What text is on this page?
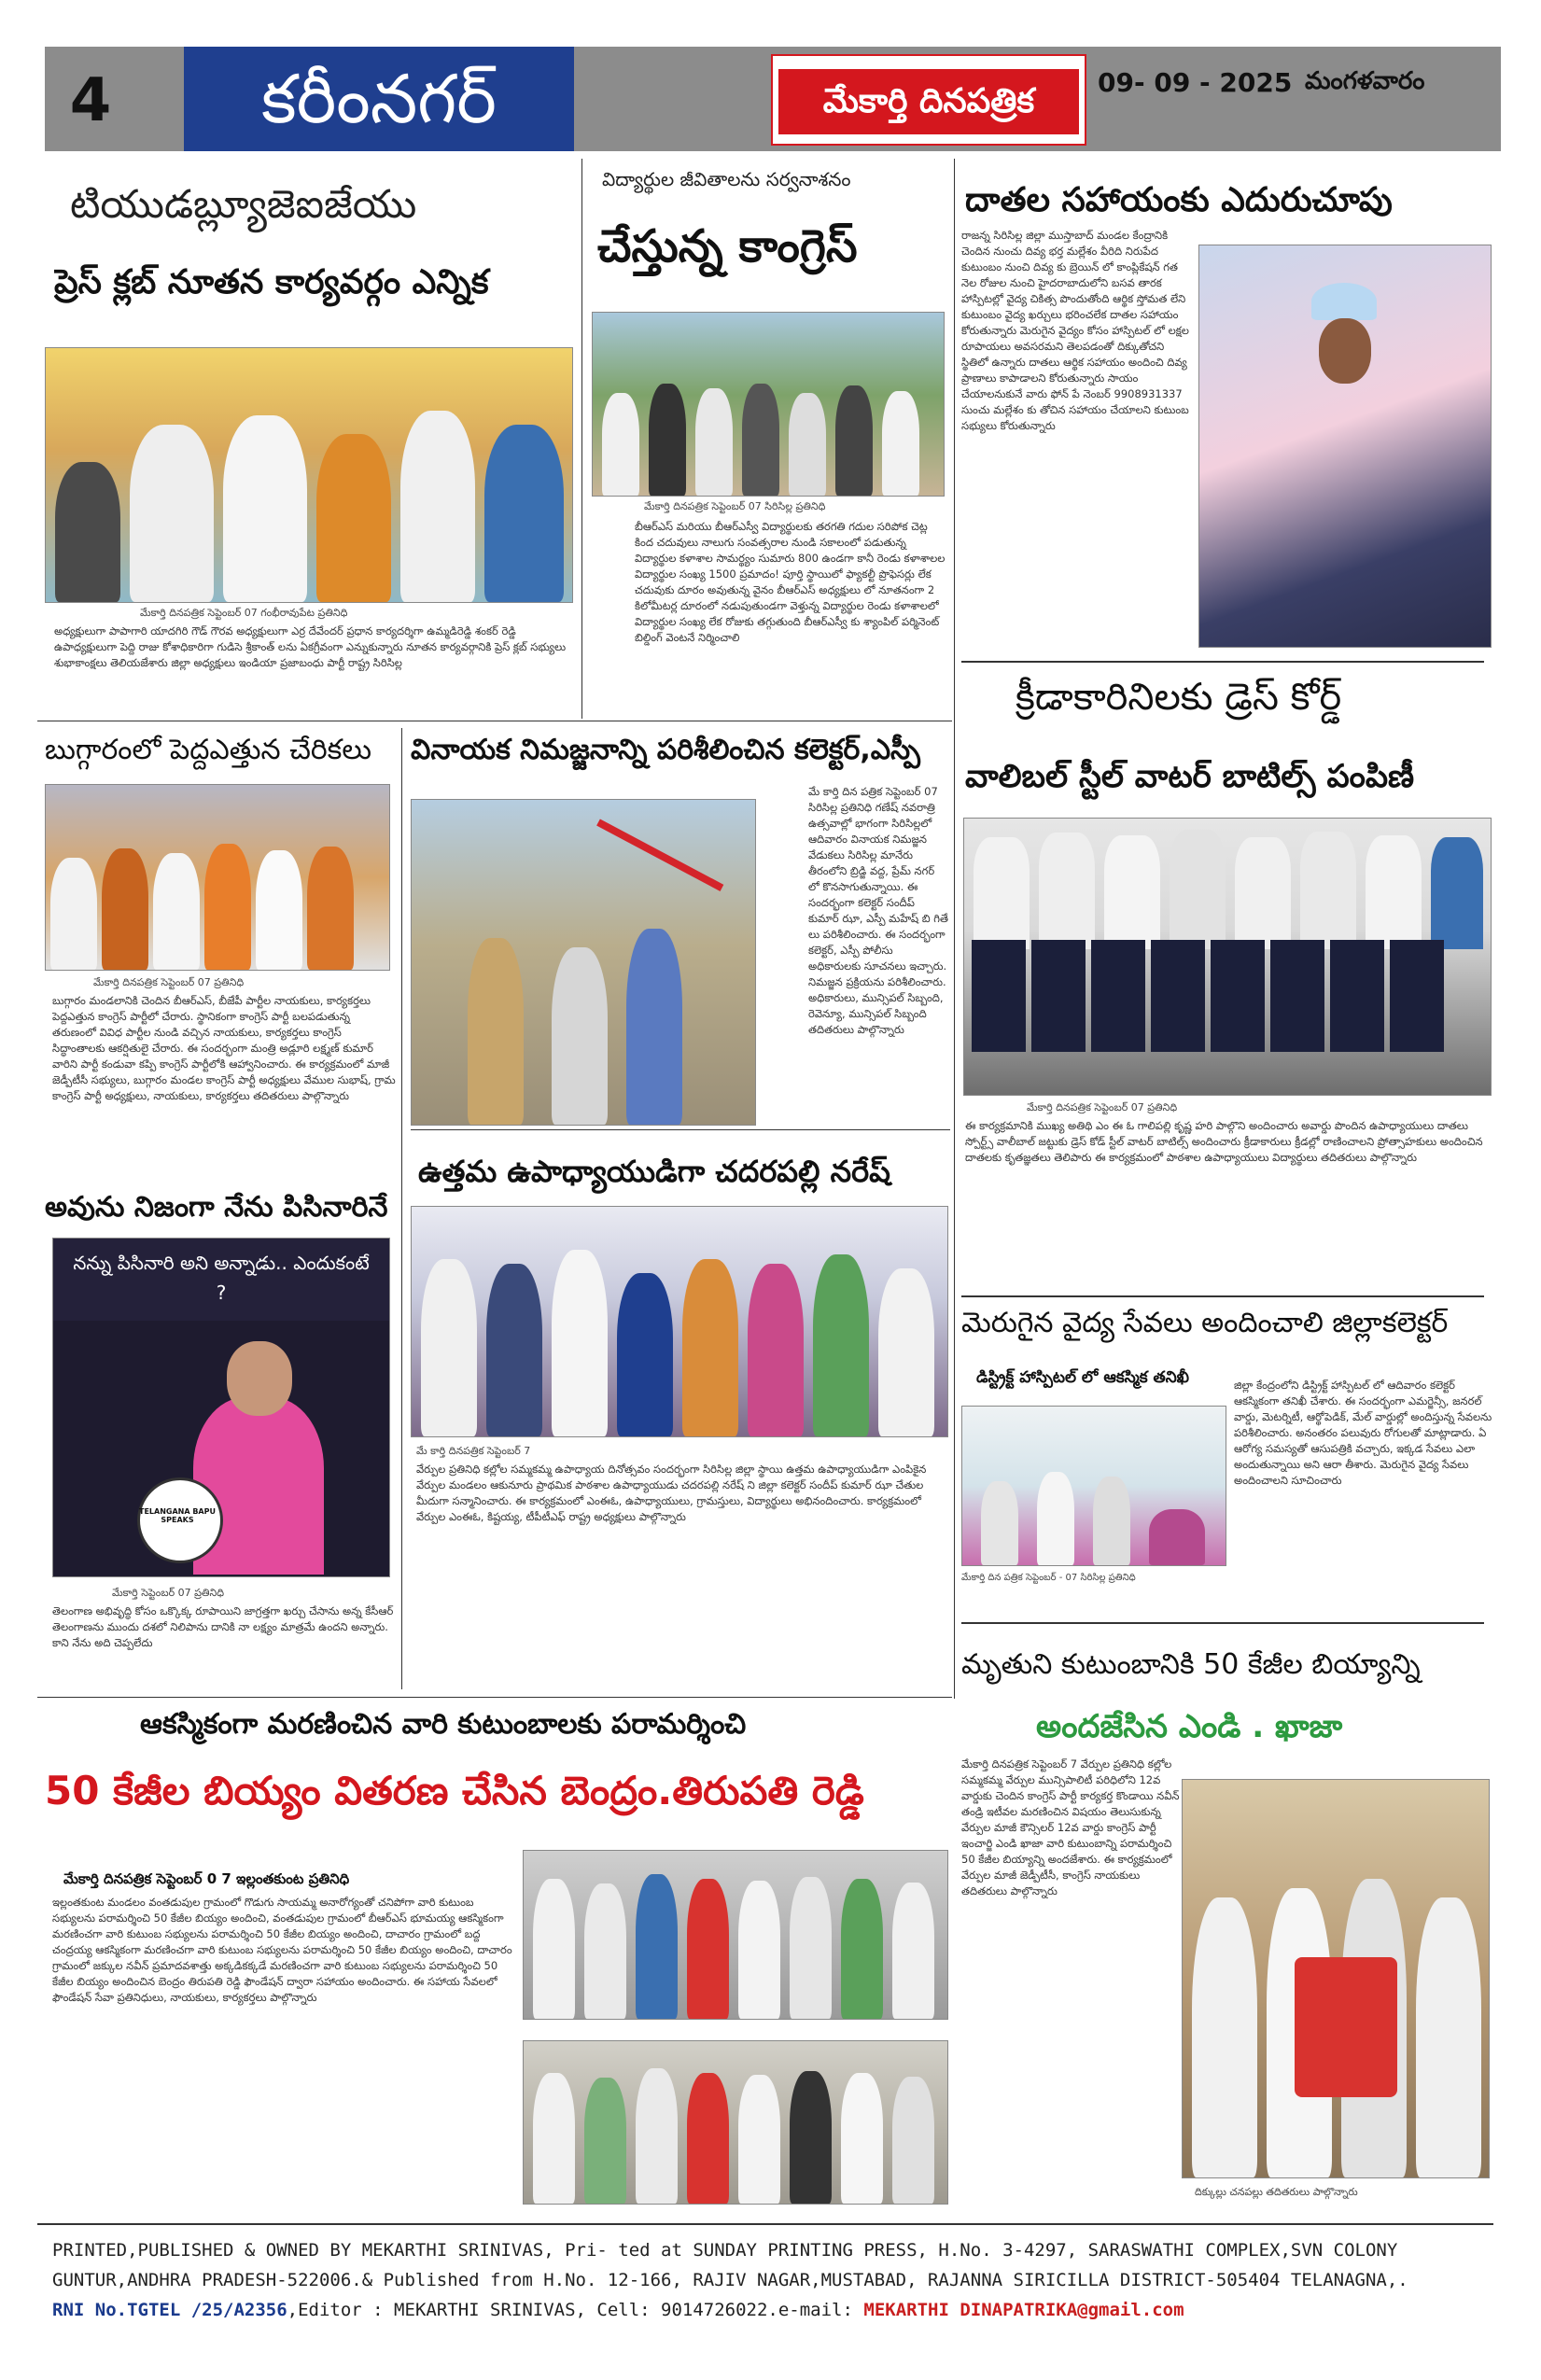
4	కరీంనగర్	మేకార్తి దినపత్రిక	09- 09 - 2025 మంగళవారం
టియుడబ్ల్యూజెఐజేయు
ప్రెస్ క్లబ్ నూతన కార్యవర్గం ఎన్నిక
మేకార్తి దినపత్రిక సెప్టెంబర్ 07 గంభీరావుపేట ప్రతినిధి
అధ్యక్షులుగా పాపాగారి యాదగిరి గౌడ్ గౌరవ అధ్యక్షులుగా ఎర్ర దేవేందర్ ప్రధాన కార్యదర్శిగా ఉమ్మడిరెడ్డి శంకర్ రెడ్డి ఉపాధ్యక్షులుగా పెద్ది రాజు కోశాధికారిగా గుడిసె శ్రీకాంత్ లను ఏకగ్రీవంగా ఎన్నుకున్నారు నూతన కార్యవర్గానికి ప్రెస్ క్లబ్ సభ్యులు శుభాకాంక్షలు తెలియజేశారు జిల్లా అధ్యక్షులు ఇండియా ప్రజాబంధు పార్టీ రాష్ట్ర సిరిసిల్ల
విద్యార్థుల జీవితాలను సర్వనాశనం
చేస్తున్న కాంగ్రెస్
మేకార్తి దినపత్రిక సెప్టెంబర్ 07 సిరిసిల్ల ప్రతినిధి
బీఆర్ఎస్ మరియు బీఆర్ఎస్వీ విద్యార్థులకు తరగతి గదుల సరిపోక చెట్ల కింద చదువులు నాలుగు సంవత్సరాల నుండి సకాలంలో పడుతున్న విద్యార్థుల కళాశాల సామర్థ్యం సుమారు 800 ఉండగా కానీ రెండు కళాశాలల విద్యార్థుల సంఖ్య 1500 ప్రమాదం! పూర్తి స్థాయిలో ఫ్యాకల్టీ ప్రొఫెసర్లు లేక చదువుకు దూరం అవుతున్న వైనం బీఆర్ఎస్ అధ్యక్షులు లో నూతనంగా 2 కిలోమీటర్ల దూరంలో నడుపుతుండగా వెళ్తున్న విద్యార్థుల రెండు కళాశాలలో విద్యార్థుల సంఖ్య లేక రోజుకు తగ్గుతుంది బీఆర్ఎస్వీ కు శ్యాంపిల్ పర్మినెంట్ బిల్డింగ్ వెంటనే నిర్మించాలి
దాతల సహాయంకు ఎదురుచూపు
రాజన్న సిరిసిల్ల జిల్లా ముస్తాబాద్ మండల కేంద్రానికి చెందిన నుంచు దివ్య భర్త మల్లేశం వీరిది నిరుపేద కుటుంబం నుంచి దివ్య కు బ్రెయిన్ లో కాంప్లికేషన్ గత నెల రోజుల నుంచి హైదరాబాదులోని బసవ తారక హాస్పిటల్లో వైద్య చికిత్స పొందుతోంది ఆర్థిక స్తోమత లేని కుటుంబం వైద్య ఖర్చులు భరించలేక దాతల సహాయం కోరుతున్నారు మెరుగైన వైద్యం కోసం హాస్పిటల్ లో లక్షల రూపాయలు అవసరమని తెలపడంతో దిక్కుతోచని స్థితిలో ఉన్నారు దాతలు ఆర్థిక సహాయం అందించి దివ్య ప్రాణాలు కాపాడాలని కోరుతున్నారు సాయం చేయాలనుకునే వారు ఫోన్ పే నెంబర్ 9908931337 సుంచు మల్లేశం కు తోచిన సహాయం చేయాలని కుటుంబ సభ్యులు కోరుతున్నారు
క్రీడాకారినిలకు డ్రెస్ కోర్డ్
వాలిబల్ స్టీల్ వాటర్ బాటిల్స్ పంపిణీ
మేకార్తి దినపత్రిక సెప్టెంబర్ 07 ప్రతినిధి
ఈ కార్యక్రమానికి ముఖ్య అతిథి ఎం ఈ ఓ గాలిపల్లి కృష్ణ హరి పాల్గొని అందించారు అవార్డు పొందిన ఉపాధ్యాయులు దాతలు స్పోర్ట్స్ వాలీబాల్ జట్టుకు డ్రెస్ కోడ్ స్టీల్ వాటర్ బాటిల్స్ అందించారు క్రీడాకారులు క్రీడల్లో రాణించాలని ప్రోత్సాహకులు అందించిన దాతలకు కృతజ్ఞతలు తెలిపారు ఈ కార్యక్రమంలో పాఠశాల ఉపాధ్యాయులు విద్యార్థులు తదితరులు పాల్గొన్నారు
బుగ్గారంలో పెద్దఎత్తున చేరికలు
మేకార్తి దినపత్రిక సెప్టెంబర్ 07 ప్రతినిధి
బుగ్గారం మండలానికి చెందిన బీఆర్ఎస్, బీజేపీ పార్టీల నాయకులు, కార్యకర్తలు పెద్దఎత్తున కాంగ్రెస్ పార్టీలో చేరారు. స్థానికంగా కాంగ్రెస్ పార్టీ బలపడుతున్న తరుణంలో వివిధ పార్టీల నుండి వచ్చిన నాయకులు, కార్యకర్తలు కాంగ్రెస్ సిద్ధాంతాలకు ఆకర్షితులై చేరారు. ఈ సందర్భంగా మంత్రి అడ్లూరి లక్ష్మణ్ కుమార్ వారిని పార్టీ కండువా కప్పి కాంగ్రెస్ పార్టీలోకి ఆహ్వానించారు. ఈ కార్యక్రమంలో మాజీ జెడ్పీటీసీ సభ్యులు, బుగ్గారం మండల కాంగ్రెస్ పార్టీ అధ్యక్షులు వేముల సుభాష్, గ్రామ కాంగ్రెస్ పార్టీ అధ్యక్షులు, నాయకులు, కార్యకర్తలు తదితరులు పాల్గొన్నారు
వినాయక నిమజ్జనాన్ని పరిశీలించిన కలెక్టర్,ఎస్పీ
మే కార్తి దిన పత్రిక సెప్టెంబర్ 07 సిరిసిల్ల ప్రతినిధి గణేష్ నవరాత్రి ఉత్సవాల్లో భాగంగా సిరిసిల్లలో ఆదివారం వినాయక నిమజ్జన వేడుకలు సిరిసిల్ల మానేరు తీరంలోని బ్రిడ్జి వద్ద, ప్రేమ్ నగర్ లో కొనసాగుతున్నాయి. ఈ సందర్భంగా కలెక్టర్ సందీప్ కుమార్ ఝా, ఎస్పీ మహేష్ బి గితే లు పరిశీలించారు. ఈ సందర్భంగా కలెక్టర్, ఎస్పీ పోలీసు అధికారులకు సూచనలు ఇచ్చారు. నిమజ్జన ప్రక్రియను పరిశీలించారు. అధికారులు, మున్సిపల్ సిబ్బంది, రెవెన్యూ, మున్సిపల్ సిబ్బంది తదితరులు పాల్గొన్నారు
ఉత్తమ ఉపాధ్యాయుడిగా చదరపల్లి నరేష్
మే కార్తి దినపత్రిక సెప్టెంబర్ 7
వేర్పుల ప్రతినిధి కల్లోల సమ్మకమ్మ ఉపాధ్యాయ దినోత్సవం సందర్భంగా సిరిసిల్ల జిల్లా స్థాయి ఉత్తమ ఉపాధ్యాయుడిగా ఎంపికైన వేర్పుల మండలం ఆకునూరు ప్రాథమిక పాఠశాల ఉపాధ్యాయుడు చదరపల్లి నరేష్ ని జిల్లా కలెక్టర్ సందీప్ కుమార్ ఝా చేతుల మీదుగా సన్మానించారు. ఈ కార్యక్రమంలో ఎంఈఓ, ఉపాధ్యాయులు, గ్రామస్తులు, విద్యార్థులు అభినందించారు. కార్యక్రమంలో వేర్పుల ఎంఈఓ, కిష్టయ్య, టీపీటీఎఫ్ రాష్ట్ర అధ్యక్షులు పాల్గొన్నారు
అవును నిజంగా నేను పిసినారినే
నన్ను పిసినారి అని అన్నాడు.. ఎందుకంటే ?
TELANGANA BAPU SPEAKS
మేకార్తి సెప్టెంబర్ 07 ప్రతినిధి
తెలంగాణ అభివృద్ధి కోసం ఒక్కొక్క రూపాయిని జాగ్రత్తగా ఖర్చు చేసాను అన్న కేసీఆర్ తెలంగాణను ముందు దశలో నిలిపాను దానికి నా లక్ష్యం మాత్రమే ఉందని అన్నారు. కాని నేను అది చెప్పలేదు
మెరుగైన వైద్య సేవలు అందించాలి జిల్లాకలెక్టర్
డిస్ట్రిక్ట్ హాస్పిటల్ లో ఆకస్మిక తనిఖీ
మేకార్తి దిన పత్రిక సెప్టెంబర్ - 07 సిరిసిల్ల ప్రతినిధి
జిల్లా కేంద్రంలోని డిస్ట్రిక్ట్ హాస్పిటల్ లో ఆదివారం కలెక్టర్ ఆకస్మికంగా తనిఖీ చేశారు. ఈ సందర్భంగా ఎమర్జెన్సీ, జనరల్ వార్డు, మెటర్నిటీ, ఆర్థోపెడిక్, మేల్ వార్డుల్లో అందిస్తున్న సేవలను పరిశీలించారు. అనంతరం పలువురు రోగులతో మాట్లాడారు. ఏ ఆరోగ్య సమస్యతో ఆసుపత్రికి వచ్చారు, ఇక్కడ సేవలు ఎలా అందుతున్నాయి అని ఆరా తీశారు. మెరుగైన వైద్య సేవలు అందించాలని సూచించారు
మృతుని కుటుంబానికి 50 కేజీల బియ్యాన్ని
అందజేసిన ఎండి . ఖాజా
మేకార్తి దినపత్రిక సెప్టెంబర్ 7 వేర్పుల ప్రతినిధి కల్లోల సమ్మకమ్మ వేర్పుల మున్సిపాలిటీ పరిధిలోని 12వ వార్డుకు చెందిన కాంగ్రెస్ పార్టీ కార్యకర్త కొండాయి నవీన్ తండ్రి ఇటీవల మరణించిన విషయం తెలుసుకున్న వేర్పుల మాజీ కౌన్సిలర్ 12వ వార్డు కాంగ్రెస్ పార్టీ ఇంచార్జి ఎండి ఖాజా వారి కుటుంబాన్ని పరామర్శించి 50 కేజీల బియ్యాన్ని అందజేశారు. ఈ కార్యక్రమంలో వేర్పుల మాజీ జెడ్పీటీసీ, కాంగ్రెస్ నాయకులు తదితరులు పాల్గొన్నారు
దిక్కుల్లు చనపల్లు తదితరులు పాల్గొన్నారు
ఆకస్మికంగా మరణించిన వారి కుటుంబాలకు పరామర్శించి
50 కేజీల బియ్యం వితరణ చేసిన బెంద్రం.తిరుపతి రెడ్డి
మేకార్తి దినపత్రిక సెప్టెంబర్ 0 7 ఇల్లంతకుంట ప్రతినిధి
ఇల్లంతకుంట మండలం వంతడుపుల గ్రామంలో గొడుగు సాయమ్మ అనారోగ్యంతో చనిపోగా వారి కుటుంబ సభ్యులను పరామర్శించి 50 కేజీల బియ్యం అందించి, వంతడుపుల గ్రామంలో బీఆర్ఎస్ భూమయ్య ఆకస్మికంగా మరణించగా వారి కుటుంబ సభ్యులను పరామర్శించి 50 కేజీల బియ్యం అందించి, దాచారం గ్రామంలో బద్ద చంద్రయ్య ఆకస్మికంగా మరణించగా వారి కుటుంబ సభ్యులను పరామర్శించి 50 కేజీల బియ్యం అందించి, దాచారం గ్రామంలో జక్కుల నవీన్ ప్రమాదవశాత్తు అక్కడికక్కడే మరణించగా వారి కుటుంబ సభ్యులను పరామర్శించి 50 కేజీల బియ్యం అందించిన బెంద్రం తిరుపతి రెడ్డి ఫౌండేషన్ ద్వారా సహాయం అందించారు. ఈ సహాయ సేవలలో ఫౌండేషన్ సేవా ప్రతినిధులు, నాయకులు, కార్యకర్తలు పాల్గొన్నారు
PRINTED,PUBLISHED & OWNED BY MEKARTHI SRINIVAS, Pri- ted at SUNDAY PRINTING PRESS, H.No. 3-4297, SARASWATHI COMPLEX,SVN COLONY
GUNTUR,ANDHRA PRADESH-522006.& Published from H.No. 12-166, RAJIV NAGAR,MUSTABAD, RAJANNA SIRICILLA DISTRICT-505404 TELANAGNA,.
RNI No.TGTEL /25/A2356,Editor : MEKARTHI SRINIVAS, Cell: 9014726022.e-mail: MEKARTHI DINAPATRIKA@gmail.com
